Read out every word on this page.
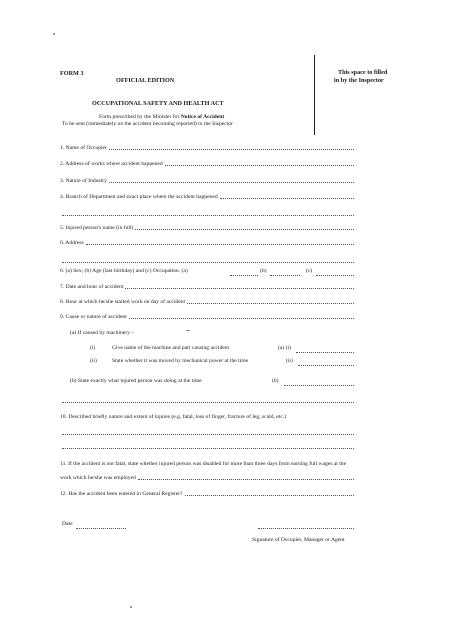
FORM 3
OFFICIAL EDITION
This space to filled
in by the Inspector
OCCUPATIONAL SAFETY AND HEALTH ACT
Form prescribed by the Minister for Notice of Accident
To be sent (immediately on the accident becoming reported) to the Inspector
1. Name of Occupier
2. Address of works where accident happened
3. Nature of Industry
4. Branch of Department and exact place where the accident happened
5. Injured person's name (in full)
6. Address
6. (a) Sex; (b) Age (last birthday) and (c) Occupation. (a)	(b)	(c)
7. Date and hour of accident
8. Hour at which he/she started work on day of accident
9. Cause or nature of accident
(a) If caused by machinery –
(i)	Give name of the machine and part causing accident	(a) (i)
(ii)	State whether it was moved by mechanical power at the time	(ii)
(b) State exactly what injured person was doing at the time	(b)
10. Described briefly nature and extent of injures (e.g. fatal, loss of finger, fracture of leg, scald, etc.)
11. If the accident is not fatal, state whether injured person was disabled for more than three days from earning full wages at the
work which he/she was employed
12. Has the accident been entered in General Register?
Date
Signature of Occupier, Manager or Agent
